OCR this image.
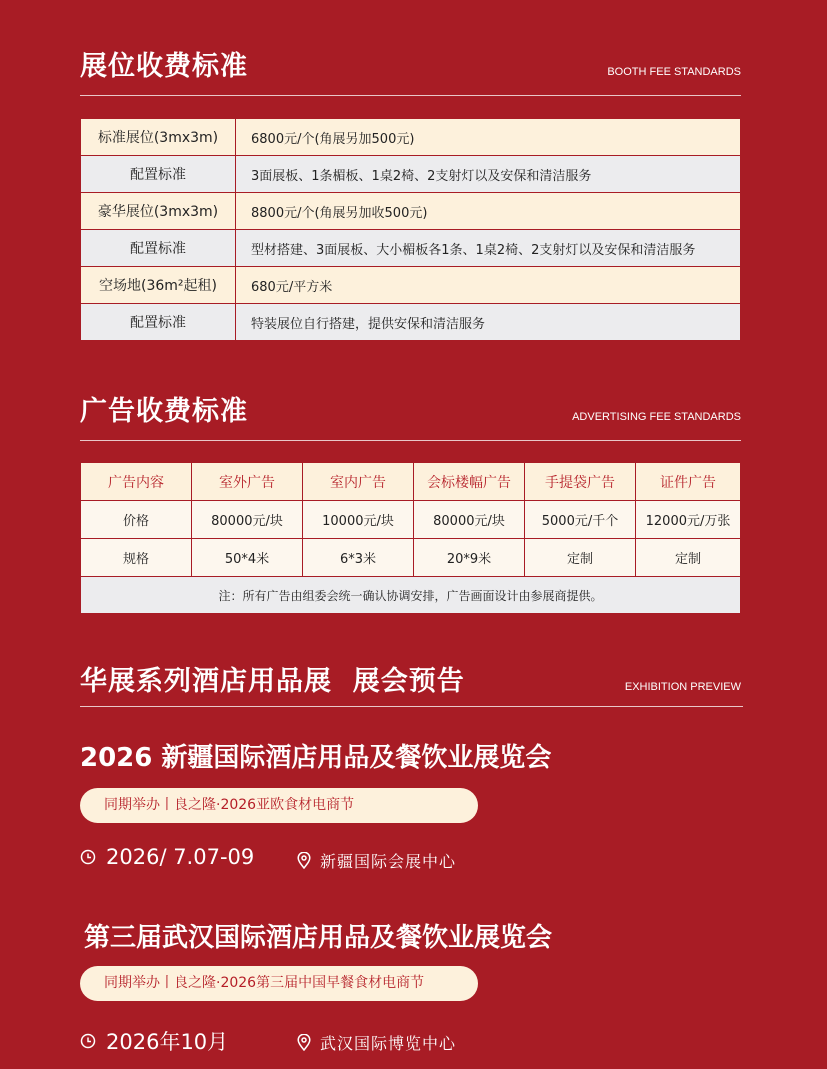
展位收费标准	BOOTH FEE STANDARDS
标准展位(3mx3m)	6800元/个(角展另加500元)
配置标准	3面展板、1条楣板、1桌2椅、2支射灯以及安保和清洁服务
豪华展位(3mx3m)	8800元/个(角展另加收500元)
配置标准	型材搭建、3面展板、大小楣板各1条、1桌2椅、2支射灯以及安保和清洁服务
空场地(36m²起租)	680元/平方米
配置标准	特装展位自行搭建，提供安保和清洁服务
广告收费标准	ADVERTISING FEE STANDARDS
广告内容	室外广告	室内广告	会标楼幅广告	手提袋广告	证件广告
价格	80000元/块	10000元/块	80000元/块	5000元/千个	12000元/万张
规格	50*4米	6*3米	20*9米	定制	定制
注：所有广告由组委会统一确认协调安排，广告画面设计由参展商提供。					
华展系列酒店用品展  展会预告	EXHIBITION PREVIEW
2026 新疆国际酒店用品及餐饮业展览会
同期举办丨良之隆·2026亚欧食材电商节
2026/ 7.07-09	新疆国际会展中心
第三届武汉国际酒店用品及餐饮业展览会
同期举办丨良之隆·2026第三届中国早餐食材电商节
2026年10月	武汉国际博览中心
